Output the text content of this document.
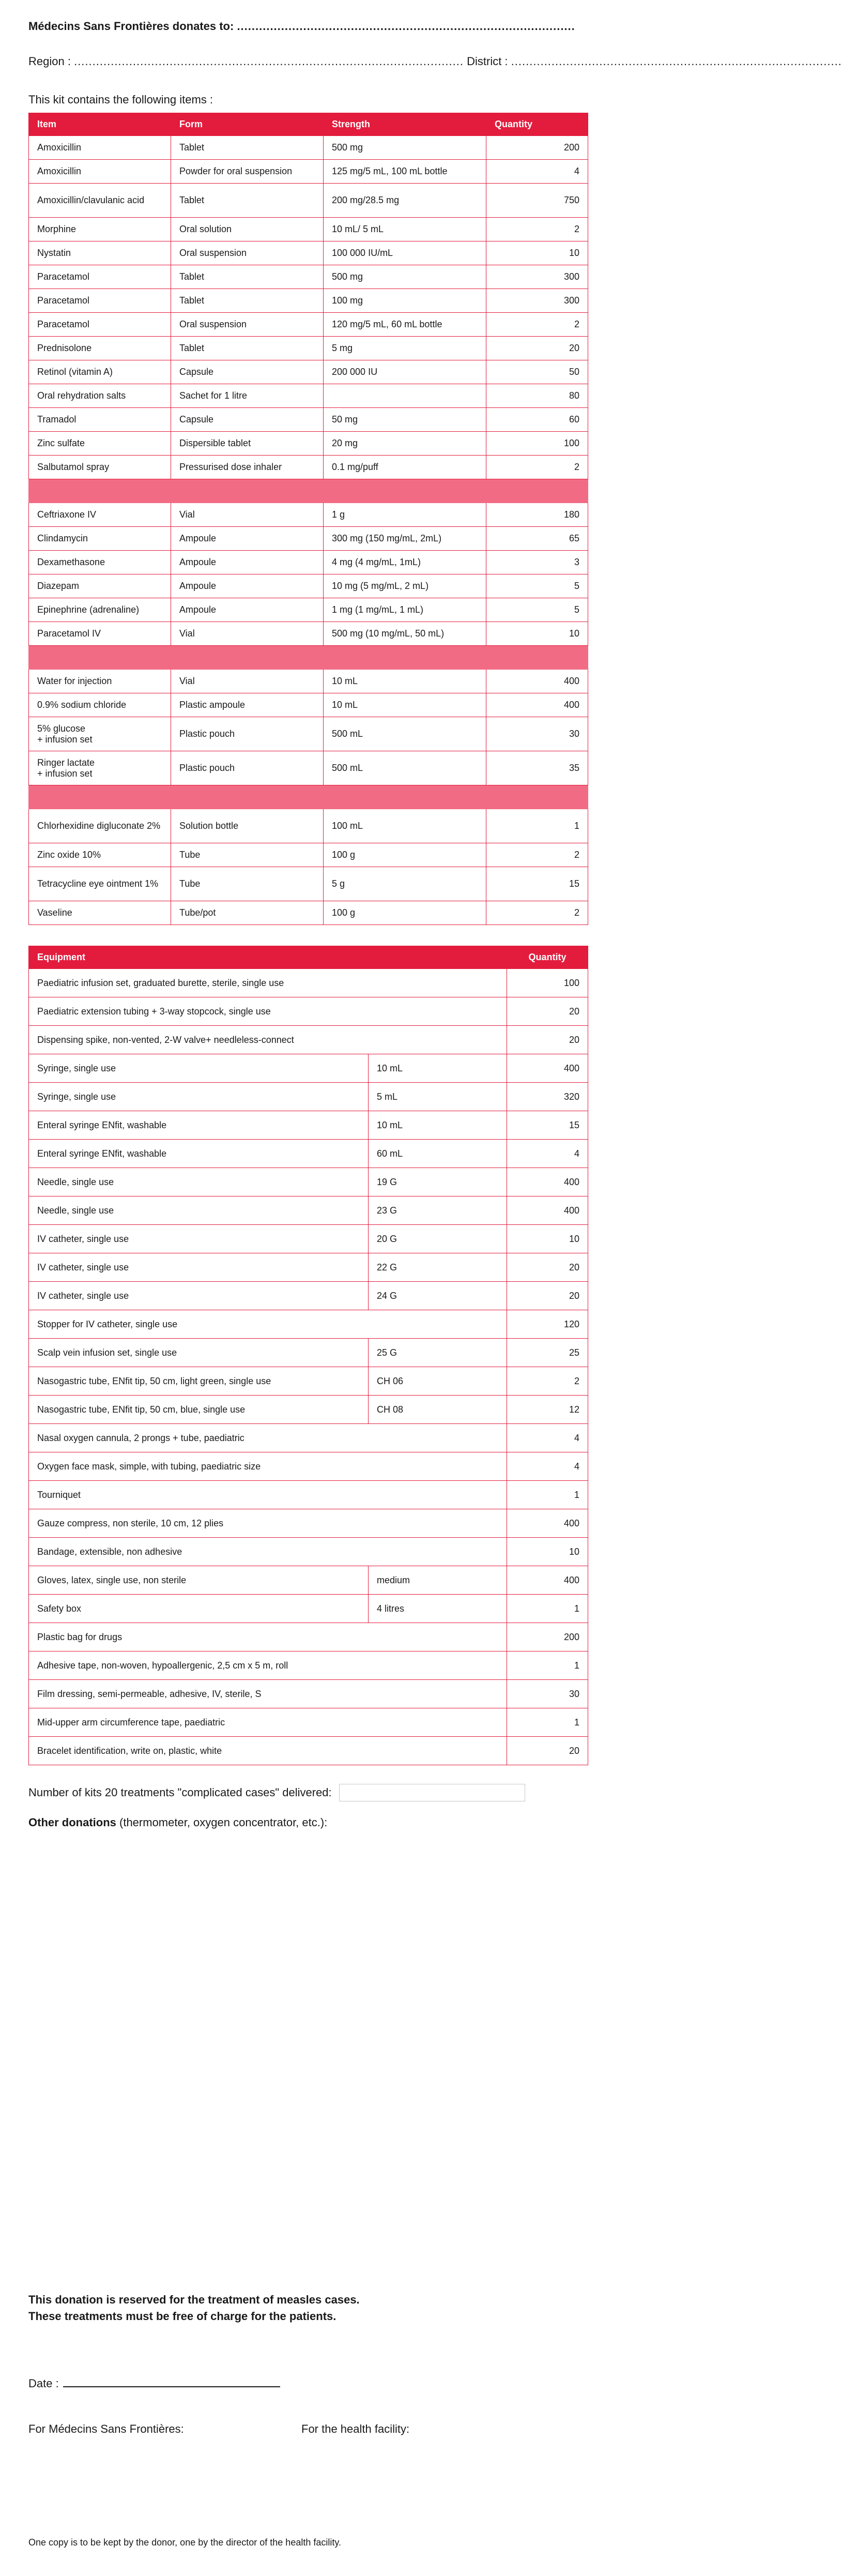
Médecins Sans Frontières donates to: ............................................................................................
Region : .......................................................................................................... District : ..........................................................................................
This kit contains the following items :
Item	Form	Strength	Quantity
Amoxicillin	Tablet	500 mg	200
Amoxicillin	Powder for oral suspension	125 mg/5 mL, 100 mL bottle	4
Amoxicillin/clavulanic acid	Tablet	200 mg/28.5 mg	750
Morphine	Oral solution	10 mL/ 5 mL	2
Nystatin	Oral suspension	100 000 IU/mL	10
Paracetamol	Tablet	500 mg	300
Paracetamol	Tablet	100 mg	300
Paracetamol	Oral suspension	120 mg/5 mL, 60 mL bottle	2
Prednisolone	Tablet	5 mg	20
Retinol (vitamin A)	Capsule	200 000 IU	50
Oral rehydration salts	Sachet for 1 litre		80
Tramadol	Capsule	50 mg	60
Zinc sulfate	Dispersible tablet	20 mg	100
Salbutamol spray	Pressurised dose inhaler	0.1 mg/puff	2

Ceftriaxone IV	Vial	1 g	180
Clindamycin	Ampoule	300 mg (150 mg/mL, 2mL)	65
Dexamethasone	Ampoule	4 mg (4 mg/mL, 1mL)	3
Diazepam	Ampoule	10 mg (5 mg/mL, 2 mL)	5
Epinephrine (adrenaline)	Ampoule	1 mg (1 mg/mL, 1 mL)	5
Paracetamol IV	Vial	500 mg (10 mg/mL, 50 mL)	10

Water for injection	Vial	10 mL	400
0.9% sodium chloride	Plastic ampoule	10 mL	400
5% glucose
+ infusion set	Plastic pouch	500 mL	30
Ringer lactate
+ infusion set	Plastic pouch	500 mL	35

Chlorhexidine digluconate 2%	Solution bottle	100 mL	1
Zinc oxide 10%	Tube	100 g	2
Tetracycline eye ointment 1%	Tube	5 g	15
Vaseline	Tube/pot	100 g	2
Equipment		Quantity
Paediatric infusion set, graduated burette, sterile, single use		100
Paediatric extension tubing + 3-way stopcock, single use		20
Dispensing spike, non-vented, 2-W valve+ needleless-connect		20
Syringe, single use	10 mL	400
Syringe, single use	5 mL	320
Enteral syringe ENfit, washable	10 mL	15
Enteral syringe ENfit, washable	60 mL	4
Needle, single use	19 G	400
Needle, single use	23 G	400
IV catheter, single use	20 G	10
IV catheter, single use	22 G	20
IV catheter, single use	24 G	20
Stopper for IV catheter, single use		120
Scalp vein infusion set, single use	25 G	25
Nasogastric tube, ENfit tip, 50 cm, light green, single use	CH 06	2
Nasogastric tube, ENfit tip, 50 cm, blue, single use	CH 08	12
Nasal oxygen cannula, 2 prongs + tube, paediatric		4
Oxygen face mask, simple, with tubing, paediatric size		4
Tourniquet		1
Gauze compress, non sterile, 10 cm, 12 plies		400
Bandage, extensible, non adhesive		10
Gloves, latex, single use, non sterile	medium	400
Safety box	4 litres	1
Plastic bag for drugs		200
Adhesive tape, non-woven, hypoallergenic, 2,5 cm x 5 m, roll		1
Film dressing, semi-permeable, adhesive, IV, sterile, S		30
Mid-upper arm circumference tape, paediatric		1
Bracelet identification, write on, plastic, white		20
Number of kits 20 treatments "complicated cases" delivered:
Other donations (thermometer, oxygen concentrator, etc.):
This donation is reserved for the treatment of measles cases.
These treatments must be free of charge for the patients.
Date :
For Médecins Sans Frontières:	For the health facility:
One copy is to be kept by the donor, one by the director of the health facility.
